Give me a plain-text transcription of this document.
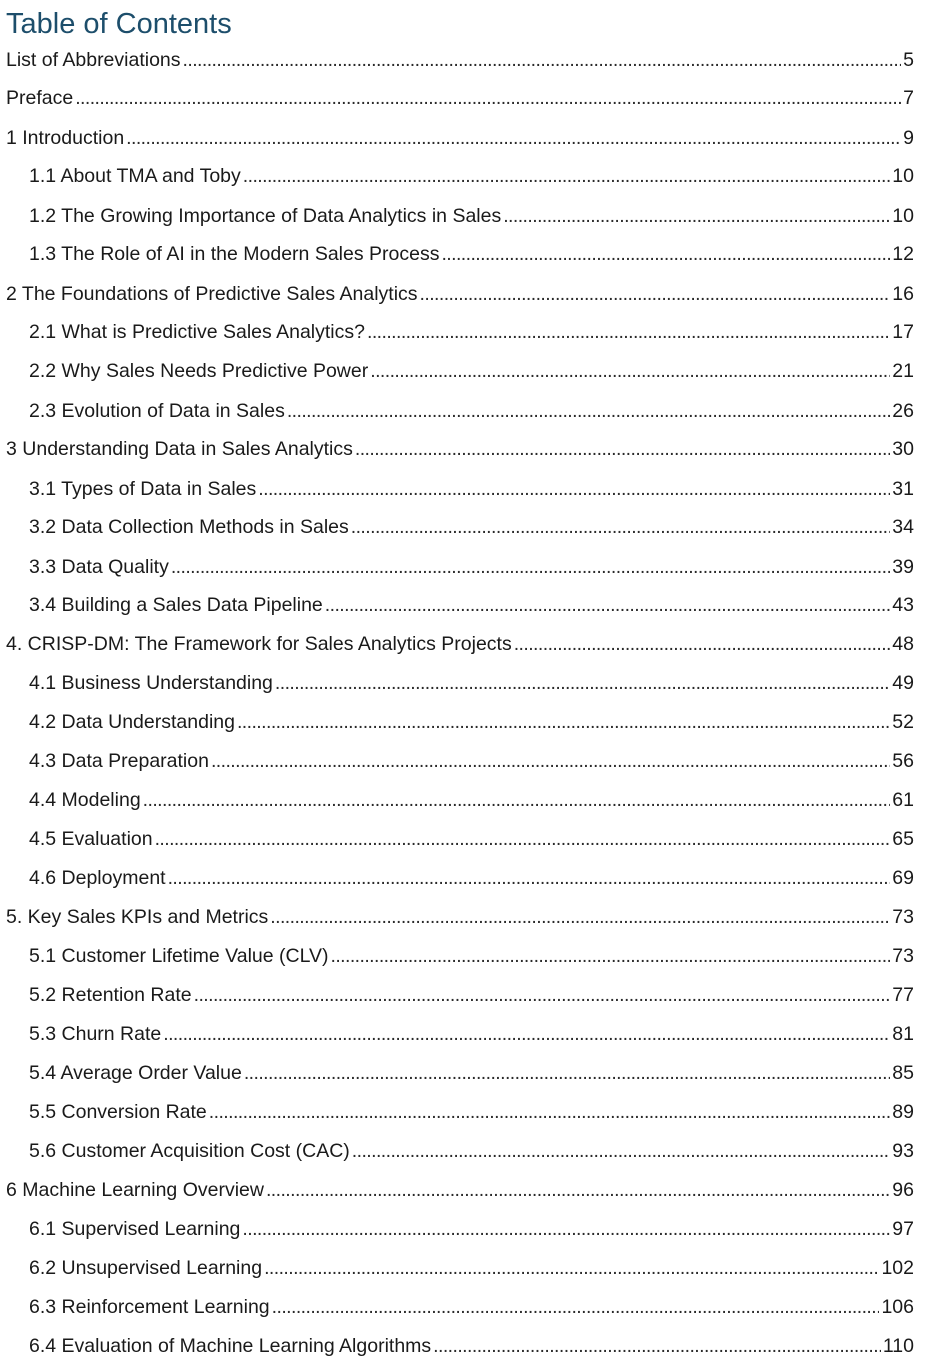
Table of Contents
List of Abbreviations . . .	5
Preface . . .	7
1 Introduction . . .	9
1.1 About TMA and Toby . . .	10
1.2 The Growing Importance of Data Analytics in Sales . . .	10
1.3 The Role of AI in the Modern Sales Process . . .	12
2 The Foundations of Predictive Sales Analytics . . .	16
2.1 What is Predictive Sales Analytics? . . .	17
2.2 Why Sales Needs Predictive Power . . .	21
2.3 Evolution of Data in Sales . . .	26
3 Understanding Data in Sales Analytics . . .	30
3.1 Types of Data in Sales . . .	31
3.2 Data Collection Methods in Sales . . .	34
3.3 Data Quality . . .	39
3.4 Building a Sales Data Pipeline . . .	43
4. CRISP-DM: The Framework for Sales Analytics Projects . . .	48
4.1 Business Understanding . . .	49
4.2 Data Understanding . . .	52
4.3 Data Preparation . . .	56
4.4 Modeling . . .	61
4.5 Evaluation . . .	65
4.6 Deployment . . .	69
5. Key Sales KPIs and Metrics . . .	73
5.1 Customer Lifetime Value (CLV) . . .	73
5.2 Retention Rate . . .	77
5.3 Churn Rate . . .	81
5.4 Average Order Value . . .	85
5.5 Conversion Rate . . .	89
5.6 Customer Acquisition Cost (CAC) . . .	93
6 Machine Learning Overview . . .	96
6.1 Supervised Learning . . .	97
6.2 Unsupervised Learning . . .	102
6.3 Reinforcement Learning . . .	106
6.4 Evaluation of Machine Learning Algorithms . . .	110
